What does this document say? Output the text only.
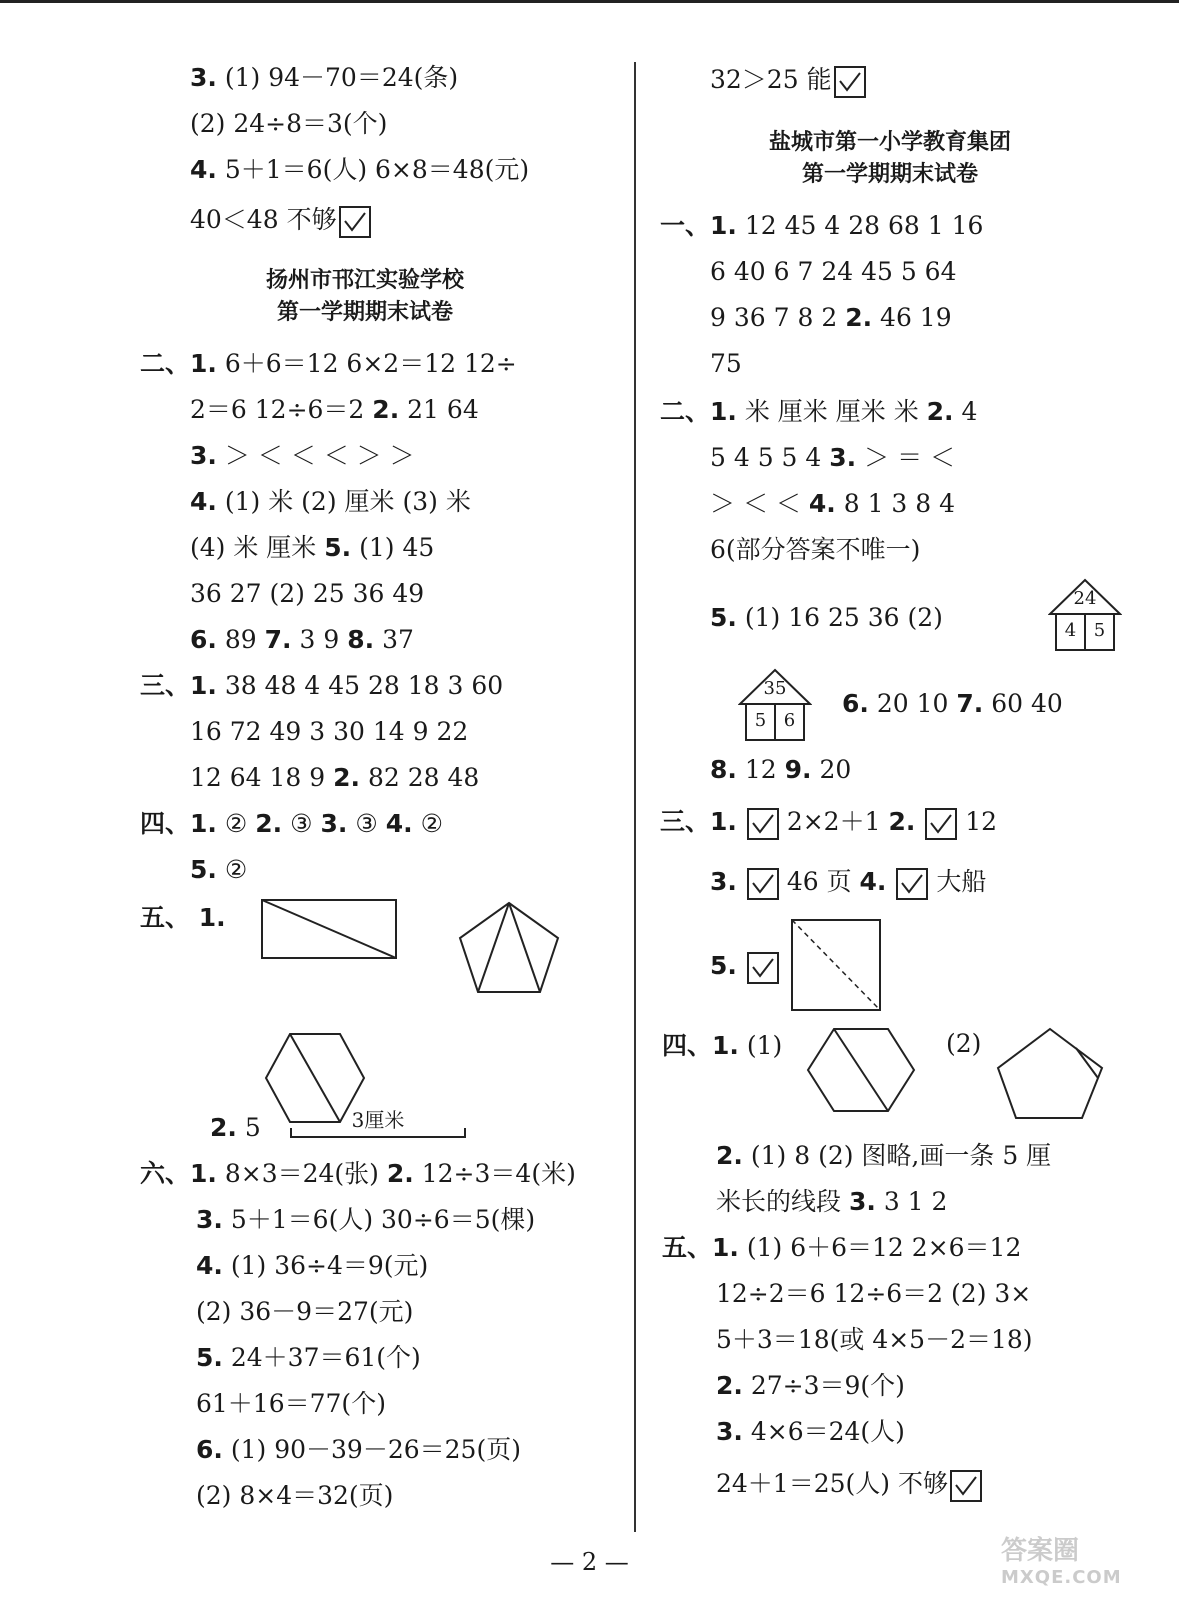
3. (1) 94－70＝24(条)
(2) 24÷8＝3(个)
4. 5＋1＝6(人) 6×8＝48(元)
40＜48 不够
扬州市邗江实验学校
第一学期期末试卷
二、1. 6＋6＝12 6×2＝12 12÷
2＝6 12÷6＝2 2. 21 64
3. ＞ ＜ ＜ ＜ ＞ ＞
4. (1) 米 (2) 厘米 (3) 米
(4) 米 厘米 5. (1) 45
36 27 (2) 25 36 49
6. 89 7. 3 9 8. 37
三、1. 38 48 4 45 28 18 3 60
16 72 49 3 30 14 9 22
12 64 18 9 2. 82 28 48
四、1. ② 2. ③ 3. ③ 4. ②
5. ②
五、 1.
2. 5	3厘米
六、1. 8×3＝24(张) 2. 12÷3＝4(米)
3. 5＋1＝6(人) 30÷6＝5(棵)
4. (1) 36÷4＝9(元)
(2) 36－9＝27(元)
5. 24＋37＝61(个)
61＋16＝77(个)
6. (1) 90－39－26＝25(页)
(2) 8×4＝32(页)
32＞25 能
盐城市第一小学教育集团
第一学期期末试卷
一、1. 12 45 4 28 68 1 16
6 40 6 7 24 45 5 64
9 36 7 8 2 2. 46 19
75
二、1. 米 厘米 厘米 米 2. 4
5 4 5 5 4 3. ＞ ＝ ＜
＞ ＜ ＜ 4. 8 1 3 8 4
6(部分答案不唯一)
5. (1) 16 25 36 (2)
24
4 5
35
5 6
6. 20 10 7. 60 40
8. 12 9. 20
三、1. 2×2＋1 2. 12
3. 46 页 4. 大船
5.
四、1. (1)	(2)
2. (1) 8 (2) 图略,画一条 5 厘
米长的线段 3. 3 1 2
五、1. (1) 6＋6＝12 2×6＝12
12÷2＝6 12÷6＝2 (2) 3×
5＋3＝18(或 4×5－2＝18)
2. 27÷3＝9(个)
3. 4×6＝24(人)
24＋1＝25(人) 不够
— 2 —	答案圈
MXQE.COM
